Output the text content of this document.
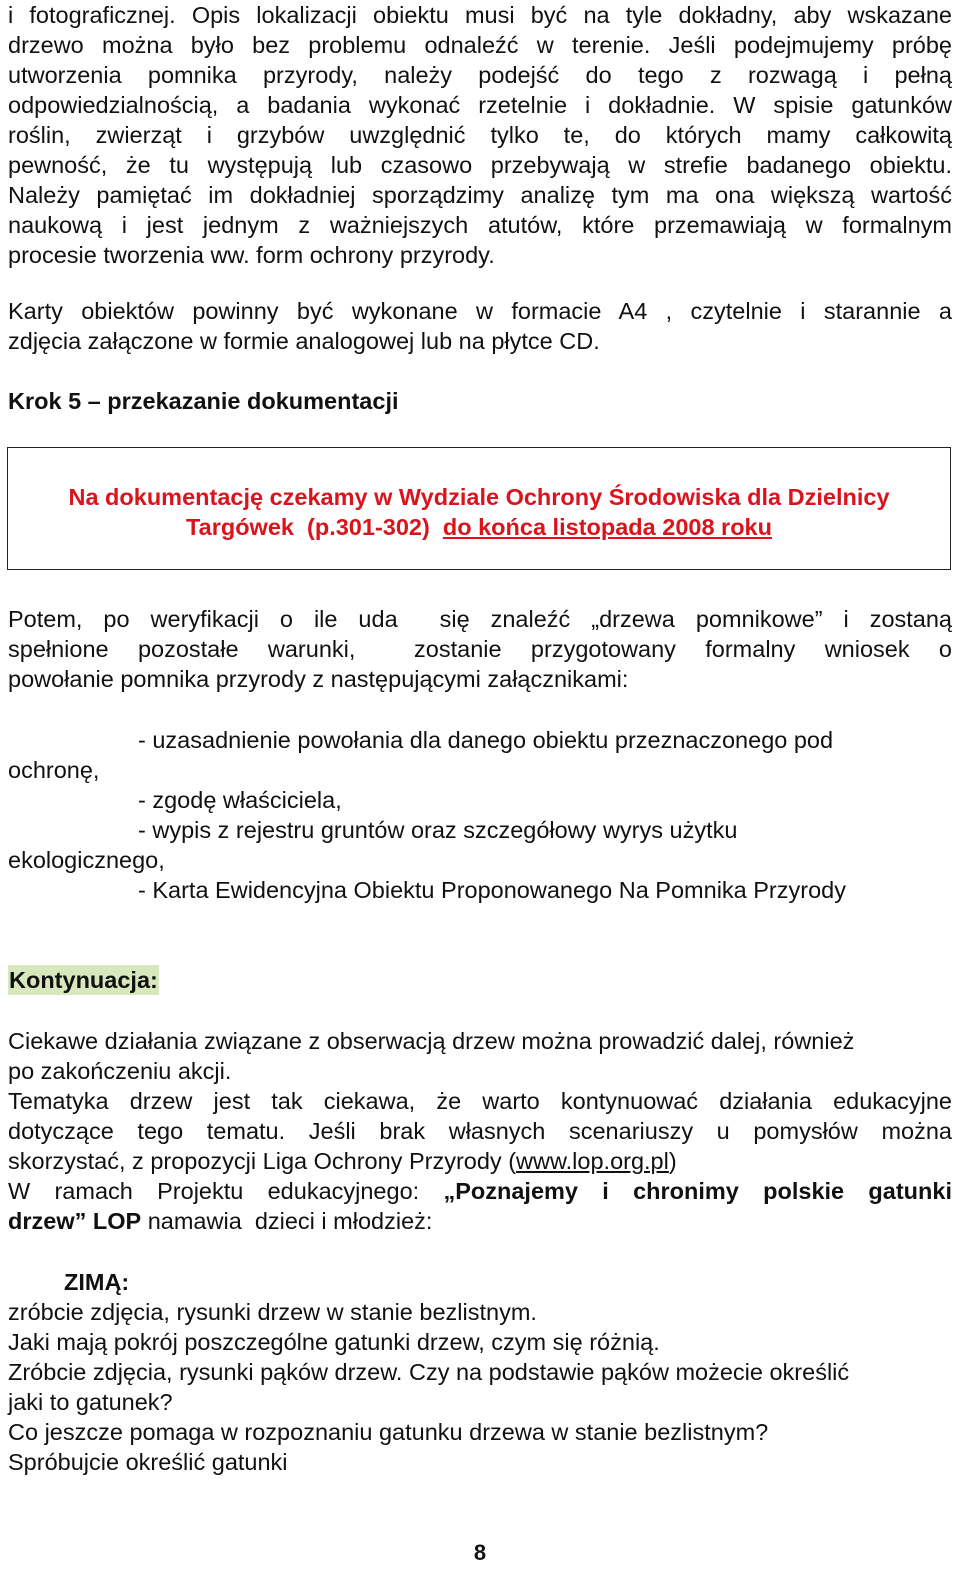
i fotograficznej. Opis lokalizacji obiektu musi być na tyle dokładny, aby wskazane

drzewo można było bez problemu odnaleźć w terenie. Jeśli podejmujemy próbę

utworzenia pomnika przyrody, należy podejść do tego z rozwagą i pełną

odpowiedzialnością, a badania wykonać rzetelnie i dokładnie. W spisie gatunków

roślin, zwierząt i grzybów uwzględnić tylko te, do których mamy całkowitą

pewność, że tu występują lub czasowo przebywają w strefie badanego obiektu.

Należy pamiętać im dokładniej sporządzimy analizę tym ma ona większą wartość

naukową i jest jednym z ważniejszych atutów, które przemawiają w formalnym

procesie tworzenia ww. form ochrony przyrody.

Karty obiektów powinny być wykonane w formacie A4 , czytelnie i starannie a

zdjęcia załączone w formie analogowej lub na płytce CD.

Krok 5 – przekazanie dokumentacji

Na dokumentację czekamy w Wydziale Ochrony Środowiska dla Dzielnicy

Targówek  (p.301-302)  do końca listopada 2008 roku

Potem, po weryfikacji o ile uda  się znaleźć „drzewa pomnikowe” i zostaną

spełnione pozostałe warunki,  zostanie przygotowany formalny wniosek o

powołanie pomnika przyrody z następującymi załącznikami:

- uzasadnienie powołania dla danego obiektu przeznaczonego pod

ochronę,

- zgodę właściciela,

- wypis z rejestru gruntów oraz szczegółowy wyrys użytku

ekologicznego,

- Karta Ewidencyjna Obiektu Proponowanego Na Pomnika Przyrody

Kontynuacja:

Ciekawe działania związane z obserwacją drzew można prowadzić dalej, również

po zakończeniu akcji.

Tematyka drzew jest tak ciekawa, że warto kontynuować działania edukacyjne

dotyczące tego tematu. Jeśli brak własnych scenariuszy u pomysłów można

skorzystać, z propozycji Liga Ochrony Przyrody (www.lop.org.pl)

W ramach Projektu edukacyjnego: „Poznajemy i chronimy polskie gatunki

drzew” LOP namawia  dzieci i młodzież:

ZIMĄ:

zróbcie zdjęcia, rysunki drzew w stanie bezlistnym.

Jaki mają pokrój poszczególne gatunki drzew, czym się różnią.

Zróbcie zdjęcia, rysunki pąków drzew. Czy na podstawie pąków możecie określić

jaki to gatunek?

Co jeszcze pomaga w rozpoznaniu gatunku drzewa w stanie bezlistnym?

Spróbujcie określić gatunki

8
